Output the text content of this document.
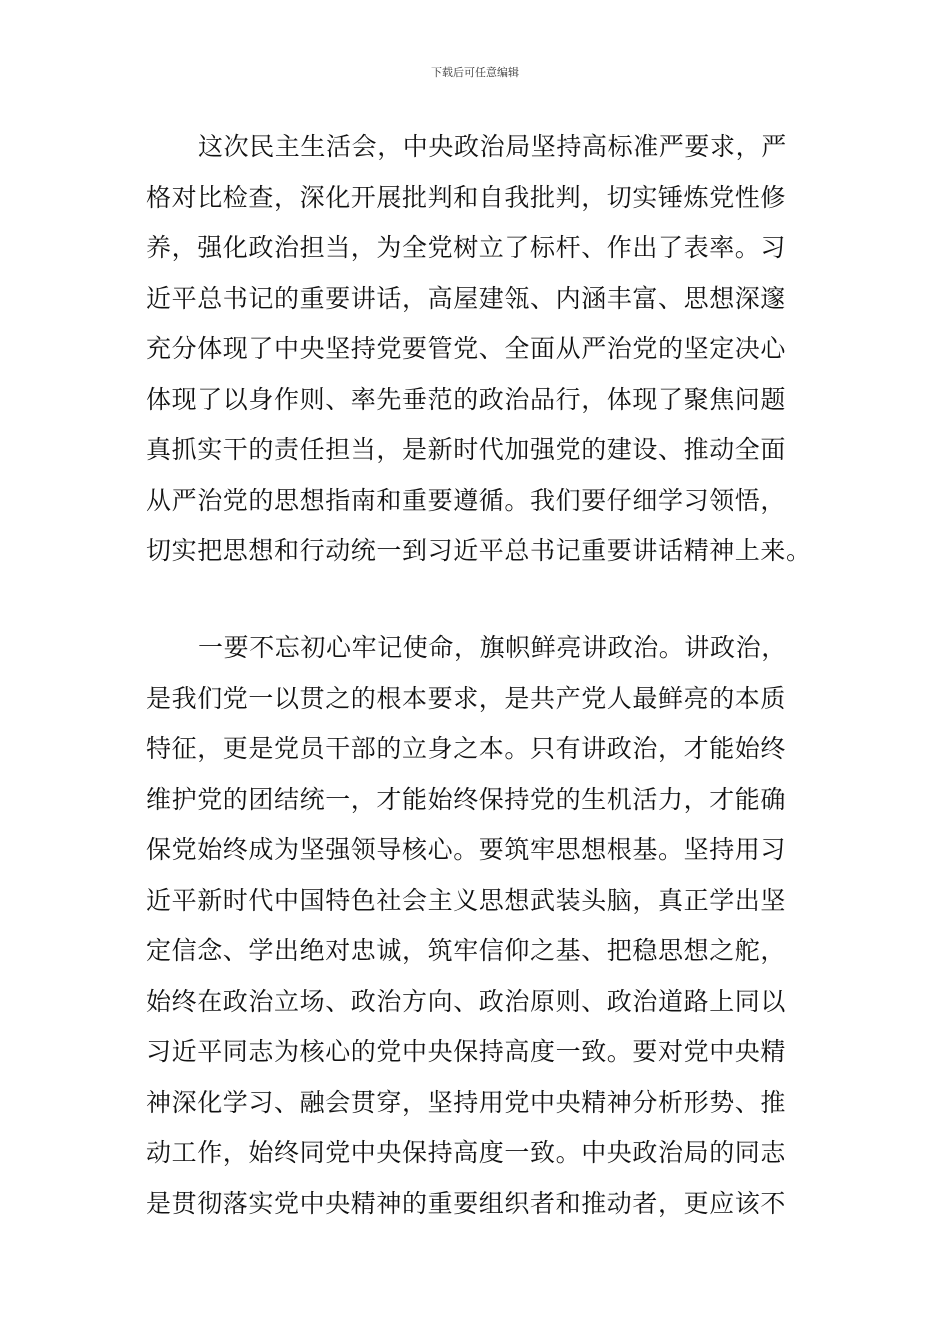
下载后可任意编辑
这次民主生活会，中央政治局坚持高标准严要求，严
格对比检查，深化开展批判和自我批判，切实锤炼党性修
养，强化政治担当，为全党树立了标杆、作出了表率。习
近平总书记的重要讲话，高屋建瓴、内涵丰富、思想深邃
充分体现了中央坚持党要管党、全面从严治党的坚定决心
体现了以身作则、率先垂范的政治品行，体现了聚焦问题
真抓实干的责任担当，是新时代加强党的建设、推动全面
从严治党的思想指南和重要遵循。我们要仔细学习领悟，
切实把思想和行动统一到习近平总书记重要讲话精神上来。
一要不忘初心牢记使命，旗帜鲜亮讲政治。讲政治，
是我们党一以贯之的根本要求，是共产党人最鲜亮的本质
特征，更是党员干部的立身之本。只有讲政治，才能始终
维护党的团结统一，才能始终保持党的生机活力，才能确
保党始终成为坚强领导核心。要筑牢思想根基。坚持用习
近平新时代中国特色社会主义思想武装头脑，真正学出坚
定信念、学出绝对忠诚，筑牢信仰之基、把稳思想之舵，
始终在政治立场、政治方向、政治原则、政治道路上同以
习近平同志为核心的党中央保持高度一致。要对党中央精
神深化学习、融会贯穿，坚持用党中央精神分析形势、推
动工作，始终同党中央保持高度一致。中央政治局的同志
是贯彻落实党中央精神的重要组织者和推动者，更应该不
